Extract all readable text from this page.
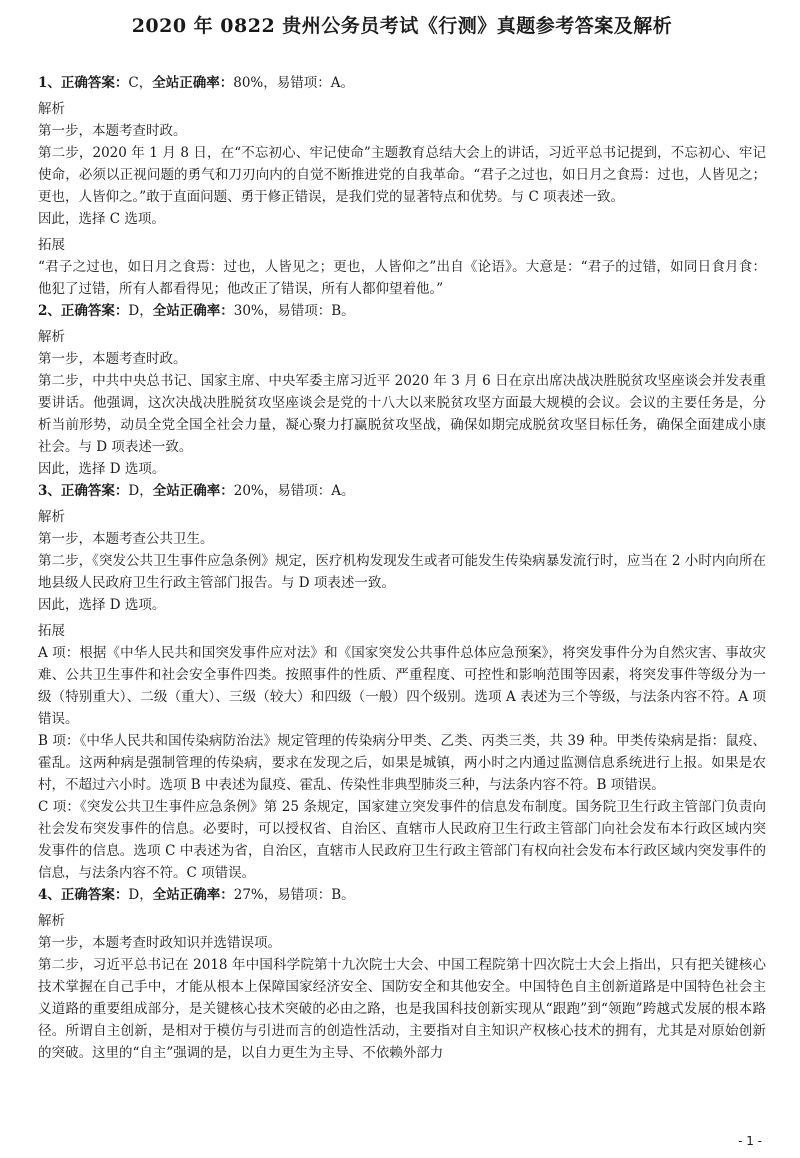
2020 年 0822 贵州公务员考试《行测》真题参考答案及解析

1、正确答案：C，全站正确率：80%，易错项：A。

解析

第一步，本题考查时政。

第二步，2020 年 1 月 8 日，在“不忘初心、牢记使命”主题教育总结大会上的讲话，习近平总书记提到，不忘初心、牢记使命，必须以正视问题的勇气和刀刃向内的自觉不断推进党的自我革命。“君子之过也，如日月之食焉：过也，人皆见之；更也，人皆仰之。”敢于直面问题、勇于修正错误，是我们党的显著特点和优势。与 C 项表述一致。

因此，选择 C 选项。

拓展

“君子之过也，如日月之食焉：过也，人皆见之；更也，人皆仰之”出自《论语》。大意是：“君子的过错，如同日食月食：他犯了过错，所有人都看得见；他改正了错误，所有人都仰望着他。”

2、正确答案：D，全站正确率：30%，易错项：B。

解析

第一步，本题考查时政。

第二步，中共中央总书记、国家主席、中央军委主席习近平 2020 年 3 月 6 日在京出席决战决胜脱贫攻坚座谈会并发表重要讲话。他强调，这次决战决胜脱贫攻坚座谈会是党的十八大以来脱贫攻坚方面最大规模的会议。会议的主要任务是，分析当前形势，动员全党全国全社会力量，凝心聚力打赢脱贫攻坚战，确保如期完成脱贫攻坚目标任务，确保全面建成小康社会。与 D 项表述一致。

因此，选择 D 选项。

3、正确答案：D，全站正确率：20%，易错项：A。

解析

第一步，本题考查公共卫生。

第二步，《突发公共卫生事件应急条例》规定，医疗机构发现发生或者可能发生传染病暴发流行时，应当在 2 小时内向所在地县级人民政府卫生行政主管部门报告。与 D 项表述一致。

因此，选择 D 选项。

拓展

A 项：根据《中华人民共和国突发事件应对法》和《国家突发公共事件总体应急预案》，将突发事件分为自然灾害、事故灾难、公共卫生事件和社会安全事件四类。按照事件的性质、严重程度、可控性和影响范围等因素，将突发事件等级分为一级（特别重大）、二级（重大）、三级（较大）和四级（一般）四个级别。选项 A 表述为三个等级，与法条内容不符。A 项错误。

B 项：《中华人民共和国传染病防治法》规定管理的传染病分甲类、乙类、丙类三类，共 39 种。甲类传染病是指：鼠疫、霍乱。这两种病是强制管理的传染病，要求在发现之后，如果是城镇，两小时之内通过监测信息系统进行上报。如果是农村，不超过六小时。选项 B 中表述为鼠疫、霍乱、传染性非典型肺炎三种，与法条内容不符。B 项错误。

C 项：《突发公共卫生事件应急条例》第 25 条规定，国家建立突发事件的信息发布制度。国务院卫生行政主管部门负责向社会发布突发事件的信息。必要时，可以授权省、自治区、直辖市人民政府卫生行政主管部门向社会发布本行政区域内突发事件的信息。选项 C 中表述为省，自治区，直辖市人民政府卫生行政主管部门有权向社会发布本行政区域内突发事件的信息，与法条内容不符。C 项错误。

4、正确答案：D，全站正确率：27%，易错项：B。

解析

第一步，本题考查时政知识并选错误项。

第二步，习近平总书记在 2018 年中国科学院第十九次院士大会、中国工程院第十四次院士大会上指出，只有把关键核心技术掌握在自己手中，才能从根本上保障国家经济安全、国防安全和其他安全。中国特色自主创新道路是中国特色社会主义道路的重要组成部分，是关键核心技术突破的必由之路，也是我国科技创新实现从“跟跑”到“领跑”跨越式发展的根本路径。所谓自主创新，是相对于模仿与引进而言的创造性活动，主要指对自主知识产权核心技术的拥有，尤其是对原始创新的突破。这里的“自主”强调的是，以自力更生为主导、不依赖外部力

- 1 -
